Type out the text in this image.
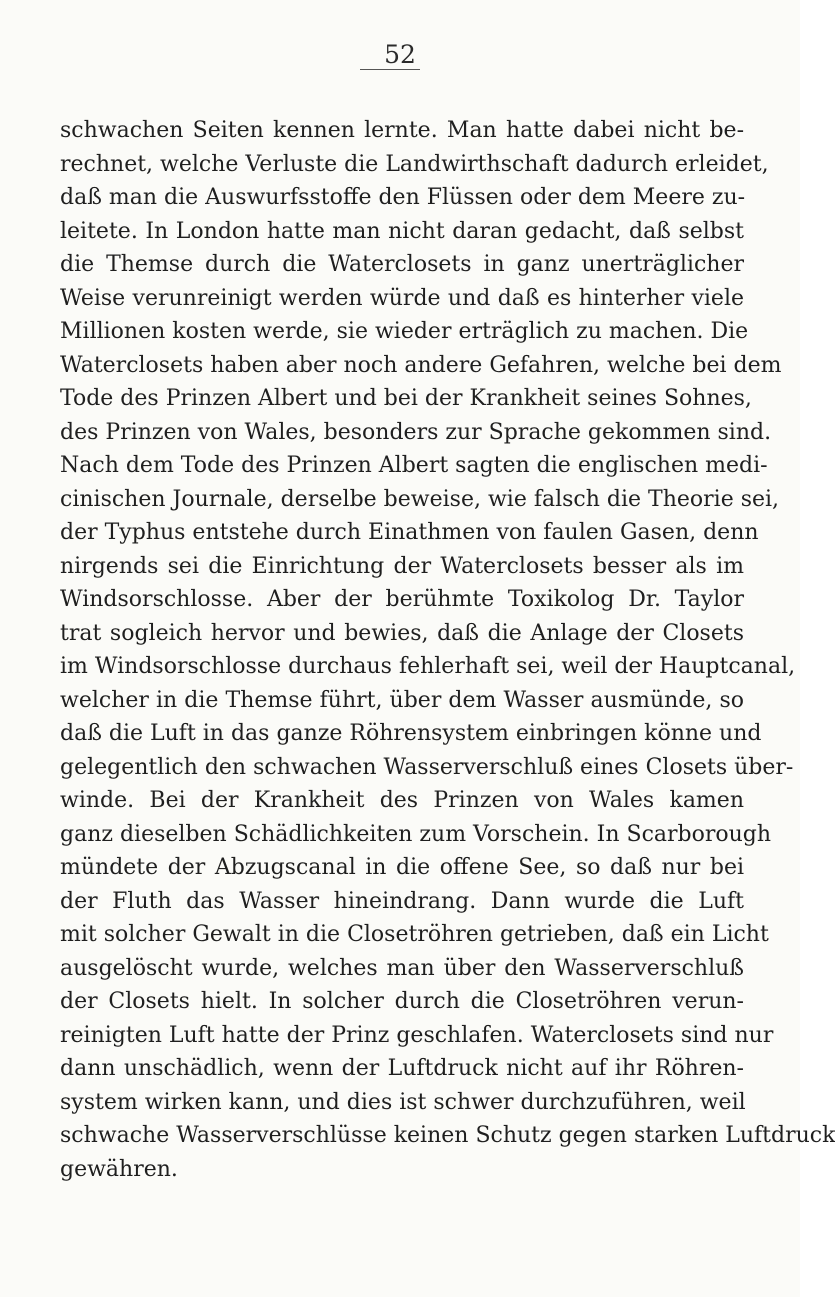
52
schwachen Seiten kennen lernte. Man hatte dabei nicht be-
rechnet, welche Verluste die Landwirthschaft dadurch erleidet,
daß man die Auswurfsstoffe den Flüssen oder dem Meere zu-
leitete. In London hatte man nicht daran gedacht, daß selbst
die Themse durch die Waterclosets in ganz unerträglicher
Weise verunreinigt werden würde und daß es hinterher viele
Millionen kosten werde, sie wieder erträglich zu machen. Die
Waterclosets haben aber noch andere Gefahren, welche bei dem
Tode des Prinzen Albert und bei der Krankheit seines Sohnes,
des Prinzen von Wales, besonders zur Sprache gekommen sind.
Nach dem Tode des Prinzen Albert sagten die englischen medi-
cinischen Journale, derselbe beweise, wie falsch die Theorie sei,
der Typhus entstehe durch Einathmen von faulen Gasen, denn
nirgends sei die Einrichtung der Waterclosets besser als im
Windsorschlosse. Aber der berühmte Toxikolog Dr. Taylor
trat sogleich hervor und bewies, daß die Anlage der Closets
im Windsorschlosse durchaus fehlerhaft sei, weil der Hauptcanal,
welcher in die Themse führt, über dem Wasser ausmünde, so
daß die Luft in das ganze Röhrensystem einbringen könne und
gelegentlich den schwachen Wasserverschluß eines Closets über-
winde. Bei der Krankheit des Prinzen von Wales kamen
ganz dieselben Schädlichkeiten zum Vorschein. In Scarborough
mündete der Abzugscanal in die offene See, so daß nur bei
der Fluth das Wasser hineindrang. Dann wurde die Luft
mit solcher Gewalt in die Closetröhren getrieben, daß ein Licht
ausgelöscht wurde, welches man über den Wasserverschluß
der Closets hielt. In solcher durch die Closetröhren verun-
reinigten Luft hatte der Prinz geschlafen. Waterclosets sind nur
dann unschädlich, wenn der Luftdruck nicht auf ihr Röhren-
system wirken kann, und dies ist schwer durchzuführen, weil
schwache Wasserverschlüsse keinen Schutz gegen starken Luftdruck
gewähren.
